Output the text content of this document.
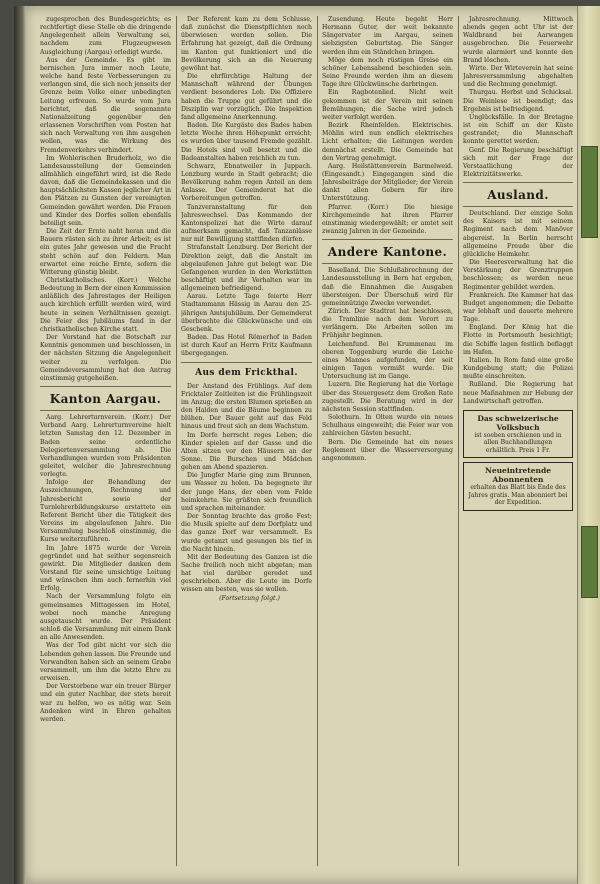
zugesprochen des Bundesgerichts; es rechtfertigt diese Stelle ob die dringende Angelegenheit allein Verwaltung sei, nachdem zum Flugzeugwesen Ausgleichung (Aargau) erledigt wurde.

Aus der Gemeinde. Es gibt im bernischen Jura immer noch Leute, welche hand feste Verbesserungen zu verlangen sind, die sich noch jenseits der Grenze beim Volke einer unbedingten Leitung erfreuen. So wurde vom Jura berichtet, daß die sogenannte Nationalzeitung gegenüber den erlassenen Vorschriften vom Posten hat sich nach Verwaltung von ihm ausgehen wollen, was die Wirkung des Fremdenverkehrs verhindert.

Im Wohlerischen Bruderholz, wo die Landesausstellung der Gemeinden allmählich eingeführt wird, ist die Rede davon, daß die Gemeindekassen und die hauptsächlichsten Kassen jeglicher Art in den Plätzen zu Gunsten der vereinigten Gemeinden gewährt werden. Die Frauen und Kinder des Dorfes sollen ebenfalls beteiligt sein.

Die Zeit der Ernte naht heran und die Bauern rüsten sich zu ihrer Arbeit; es ist ein gutes Jahr gewesen und die Frucht steht schön auf den Feldern. Man erwartet eine reiche Ernte, sofern die Witterung günstig bleibt.

Christkatholisches. (Korr.) Welche Bedeutung in Bern der einen Kommission anläßlich des Jahrestages der Heiligen auch kirchlich erfüllt werden wird, wird heute in seinen Verhältnissen gezeigt. Die Feier des Jubiläums fand in der christkatholischen Kirche statt.

Der Vorstand hat die Botschaft zur Kenntnis genommen und beschlossen, in der nächsten Sitzung die Angelegenheit weiter zu verfolgen. Die Gemeindeversammlung hat den Antrag einstimmig gutgeheißen.

Kanton Aargau.

Aarg. Lehrerturnverein. (Korr.) Der Verband Aarg. Lehrerturnvereine hielt letzten Samstag den 12. Dezember in Baden seine ordentliche Delegiertenversammlung ab. Die Verhandlungen wurden vom Präsidenten geleitet, welcher die Jahresrechnung vorlegte.

Infolge der Behandlung der Auszeichnungen, Rechnung und Jahresbericht sowie der Turnlehrerbildungskurse erstattete ein Referent Bericht über die Tätigkeit des Vereins im abgelaufenen Jahre. Die Versammlung beschloß einstimmig, die Kurse weiterzuführen.

Im Jahre 1875 wurde der Verein gegründet und hat seither segensreich gewirkt. Die Mitglieder danken dem Vorstand für seine umsichtige Leitung und wünschen ihm auch fernerhin viel Erfolg.

Nach der Versammlung folgte ein gemeinsames Mittagessen im Hotel, wobei noch manche Anregung ausgetauscht wurde. Der Präsident schloß die Versammlung mit einem Dank an alle Anwesenden.

Was der Tod gibt nicht vor sich die Lebenden gehen lassen. Die Freunde und Verwandten haben sich an seinem Grabe versammelt, um ihm die letzte Ehre zu erweisen.

Der Verstorbene war ein treuer Bürger und ein guter Nachbar, der stets bereit war zu helfen, wo es nötig war. Sein Andenken wird in Ehren gehalten werden.

Der Referent kam zu dem Schlusse, daß zunächst die Dienstpflichten noch überwiesen werden sollen. Die Erfahrung hat gezeigt, daß die Ordnung im Kanton gut funktioniert und die Bevölkerung sich an die Neuerung gewöhnt hat.

Die ehrfürchtige Haltung der Mannschaft während der Übungen verdient besonderes Lob. Die Offiziere haben die Truppe gut geführt und die Disziplin war vorzüglich. Die Inspektion fand allgemeine Anerkennung.

Baden. Die Kurgäste des Bades haben letzte Woche ihren Höhepunkt erreicht; es wurden über tausend Fremde gezählt. Die Hotels sind voll besetzt und die Badeanstalten haben reichlich zu tun.

Schwarz, Ebnatweiler in Juppach. Lenzburg wurde in Stadt gebracht; die Bevölkerung nahm regen Anteil an dem Anlasse. Der Gemeinderat hat die Vorbereitungen getroffen.

Tanzveranstaltung für den Jahreswechsel. Das Kommando der Kantonspolizei hat die Wirte darauf aufmerksam gemacht, daß Tanzanlässe nur mit Bewilligung stattfinden dürfen.

Strafanstalt Lenzburg. Der Bericht der Direktion zeigt, daß die Anstalt im abgelaufenen Jahre gut belegt war. Die Gefangenen wurden in den Werkstätten beschäftigt und ihr Verhalten war im allgemeinen befriedigend.

Aarau. Letzte Tage feierte Herr Stadtammann Hässig in Aarau den 25-jährigen Amtsjubiläum. Der Gemeinderat überbrachte die Glückwünsche und ein Geschenk.

Baden. Das Hotel Römerhof in Baden ist durch Kauf an Herrn Fritz Kaufmann übergegangen.

Aus dem Frickthal.

Der Anstand des Frühlings. Auf dem Fricktaler Zeitleiten ist die Frühlingszeit im Anzug; die ersten Blumen sprießen an den Halden und die Bäume beginnen zu blühen. Der Bauer geht auf das Feld hinaus und freut sich an dem Wachstum.

Im Dorfe herrscht reges Leben; die Kinder spielen auf der Gasse und die Alten sitzen vor den Häusern an der Sonne. Die Burschen und Mädchen gehen am Abend spazieren.

Die Jungfer Marie ging zum Brunnen, um Wasser zu holen. Da begegnete ihr der junge Hans, der eben vom Felde heimkehrte. Sie grüßten sich freundlich und sprachen miteinander.

Der Sonntag brachte das große Fest; die Musik spielte auf dem Dorfplatz und das ganze Dorf war versammelt. Es wurde getanzt und gesungen bis tief in die Nacht hinein.

Mit der Bedeutung des Ganzen ist die Sache freilich noch nicht abgetan; man hat viel darüber geredet und geschrieben. Aber die Leute im Dorfe wissen am besten, was sie wollen.

(Fortsetzung folgt.)

Zusendung. Heute begeht Herr Hermann Guter, der weit bekannte Sängervater im Aargau, seinen siebzigsten Geburtstag. Die Sänger werden ihm ein Ständchen bringen.

Möge dem noch rüstigen Greise ein schöner Lebensabend beschieden sein. Seine Freunde werden ihm an diesem Tage ihre Glückwünsche darbringen.

Ein Ragbotenlied. Nicht weit gekommen ist der Verein mit seinen Bemühungen; die Sache wird jedoch weiter verfolgt werden.

Bezirk Rheinfelden. Elektrisches. Möhlin wird nun endlich elektrisches Licht erhalten; die Leitungen werden demnächst erstellt. Die Gemeinde hat den Vertrag genehmigt.

Aarg. Heilstättenverein Barmelweid. (Eingesandt.) Eingegangen sind die Jahresbeiträge der Mitglieder; der Verein dankt allen Gebern für ihre Unterstützung.

Pfarrer. (Korr.) Die hiesige Kirchgemeinde hat ihren Pfarrer einstimmig wiedergewählt; er amtet seit zwanzig Jahren in der Gemeinde.

Andere Kantone.

Baselland. Die Schlußabrechnung der Landesausstellung in Bern hat ergeben, daß die Einnahmen die Ausgaben übersteigen. Der Überschuß wird für gemeinnützige Zwecke verwendet.

Zürich. Der Stadtrat hat beschlossen, die Tramlinie nach dem Vorort zu verlängern. Die Arbeiten sollen im Frühjahr beginnen.

Leichenfund. Bei Krummenau im oberen Toggenburg wurde die Leiche eines Mannes aufgefunden, der seit einigen Tagen vermißt wurde. Die Untersuchung ist im Gange.

Luzern. Die Regierung hat die Vorlage über das Steuergesetz dem Großen Rate zugestellt. Die Beratung wird in der nächsten Session stattfinden.

Solothurn. In Olten wurde ein neues Schulhaus eingeweiht; die Feier war von zahlreichen Gästen besucht.

Bern. Die Gemeinde hat ein neues Reglement über die Wasserversorgung angenommen.

Jahresrechnung. Mittwoch abends gegen acht Uhr ist der Waldbrand bei Aarwangen ausgebrochen. Die Feuerwehr wurde alarmiert und konnte den Brand löschen.

Wirte. Der Wirteverein hat seine Jahresversammlung abgehalten und die Rechnung genehmigt.

Thurgau. Herbst und Schicksal. Die Weinlese ist beendigt; das Ergebnis ist befriedigend.

Unglücksfälle. In der Bretagne ist ein Schiff an der Küste gestrandet; die Mannschaft konnte gerettet werden.

Genf. Die Regierung beschäftigt sich mit der Frage der Verstaatlichung der Elektrizitätswerke.

Ausland.

Deutschland. Der einzige Sohn des Kaisers ist mit seinem Regiment nach dem Manöver abgereist. In Berlin herrscht allgemeine Freude über die glückliche Heimkehr.

Die Heeresverwaltung hat die Verstärkung der Grenztruppen beschlossen; es werden neue Regimenter gebildet werden.

Frankreich. Die Kammer hat das Budget angenommen; die Debatte war lebhaft und dauerte mehrere Tage.

England. Der König hat die Flotte in Portsmouth besichtigt; die Schiffe lagen festlich beflaggt im Hafen.

Italien. In Rom fand eine große Kundgebung statt; die Polizei mußte einschreiten.

Rußland. Die Regierung hat neue Maßnahmen zur Hebung der Landwirtschaft getroffen.

Das schweizerische Volksbuch
ist soeben erschienen und in allen Buchhandlungen erhältlich. Preis 1 Fr.
Neueintretende Abonnenten
erhalten das Blatt bis Ende des Jahres gratis. Man abonniert bei der Expedition.
